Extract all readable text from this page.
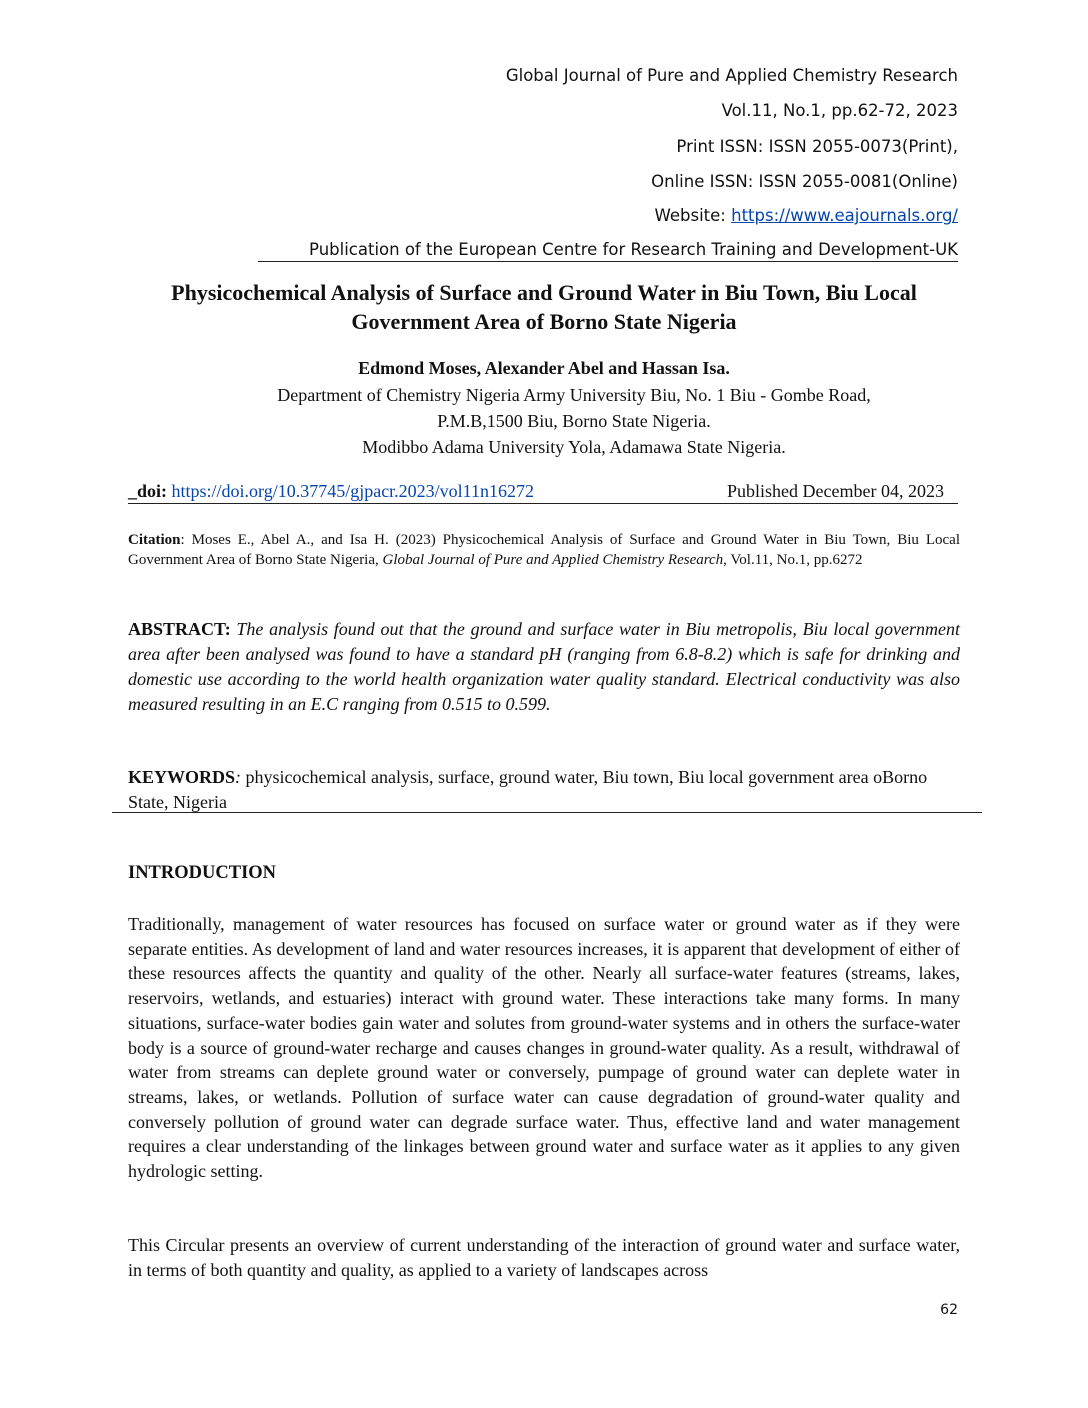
Global Journal of Pure and Applied Chemistry Research
Vol.11, No.1, pp.62-72, 2023
Print ISSN: ISSN 2055-0073(Print),
Online ISSN: ISSN 2055-0081(Online)
Website: https://www.eajournals.org/
Publication of the European Centre for Research Training and Development-UK
Physicochemical Analysis of Surface and Ground Water in Biu Town, Biu Local Government Area of Borno State Nigeria
Edmond Moses, Alexander Abel and Hassan Isa.
Department of Chemistry Nigeria Army University Biu, No. 1 Biu - Gombe Road,
P.M.B,1500 Biu, Borno State Nigeria.
Modibbo Adama University Yola, Adamawa State Nigeria.
_doi: https://doi.org/10.37745/gjpacr.2023/vol11n16272	Published December 04, 2023
Citation: Moses E., Abel A., and Isa H. (2023) Physicochemical Analysis of Surface and Ground Water in Biu Town, Biu Local Government Area of Borno State Nigeria, Global Journal of Pure and Applied Chemistry Research, Vol.11, No.1, pp.6272
ABSTRACT: The analysis found out that the ground and surface water in Biu metropolis, Biu local government area after been analysed was found to have a standard pH (ranging from 6.8-8.2) which is safe for drinking and domestic use according to the world health organization water quality standard. Electrical conductivity was also measured resulting in an E.C ranging from 0.515 to 0.599.
KEYWORDS: physicochemical analysis, surface, ground water, Biu town, Biu local government area oBorno State, Nigeria
INTRODUCTION
Traditionally, management of water resources has focused on surface water or ground water as if they were separate entities. As development of land and water resources increases, it is apparent that development of either of these resources affects the quantity and quality of the other. Nearly all surface-water features (streams, lakes, reservoirs, wetlands, and estuaries) interact with ground water. These interactions take many forms. In many situations, surface-water bodies gain water and solutes from ground-water systems and in others the surface-water body is a source of ground-water recharge and causes changes in ground-water quality. As a result, withdrawal of water from streams can deplete ground water or conversely, pumpage of ground water can deplete water in streams, lakes, or wetlands. Pollution of surface water can cause degradation of ground-water quality and conversely pollution of ground water can degrade surface water. Thus, effective land and water management requires a clear understanding of the linkages between ground water and surface water as it applies to any given hydrologic setting.
This Circular presents an overview of current understanding of the interaction of ground water and surface water, in terms of both quantity and quality, as applied to a variety of landscapes across
62
